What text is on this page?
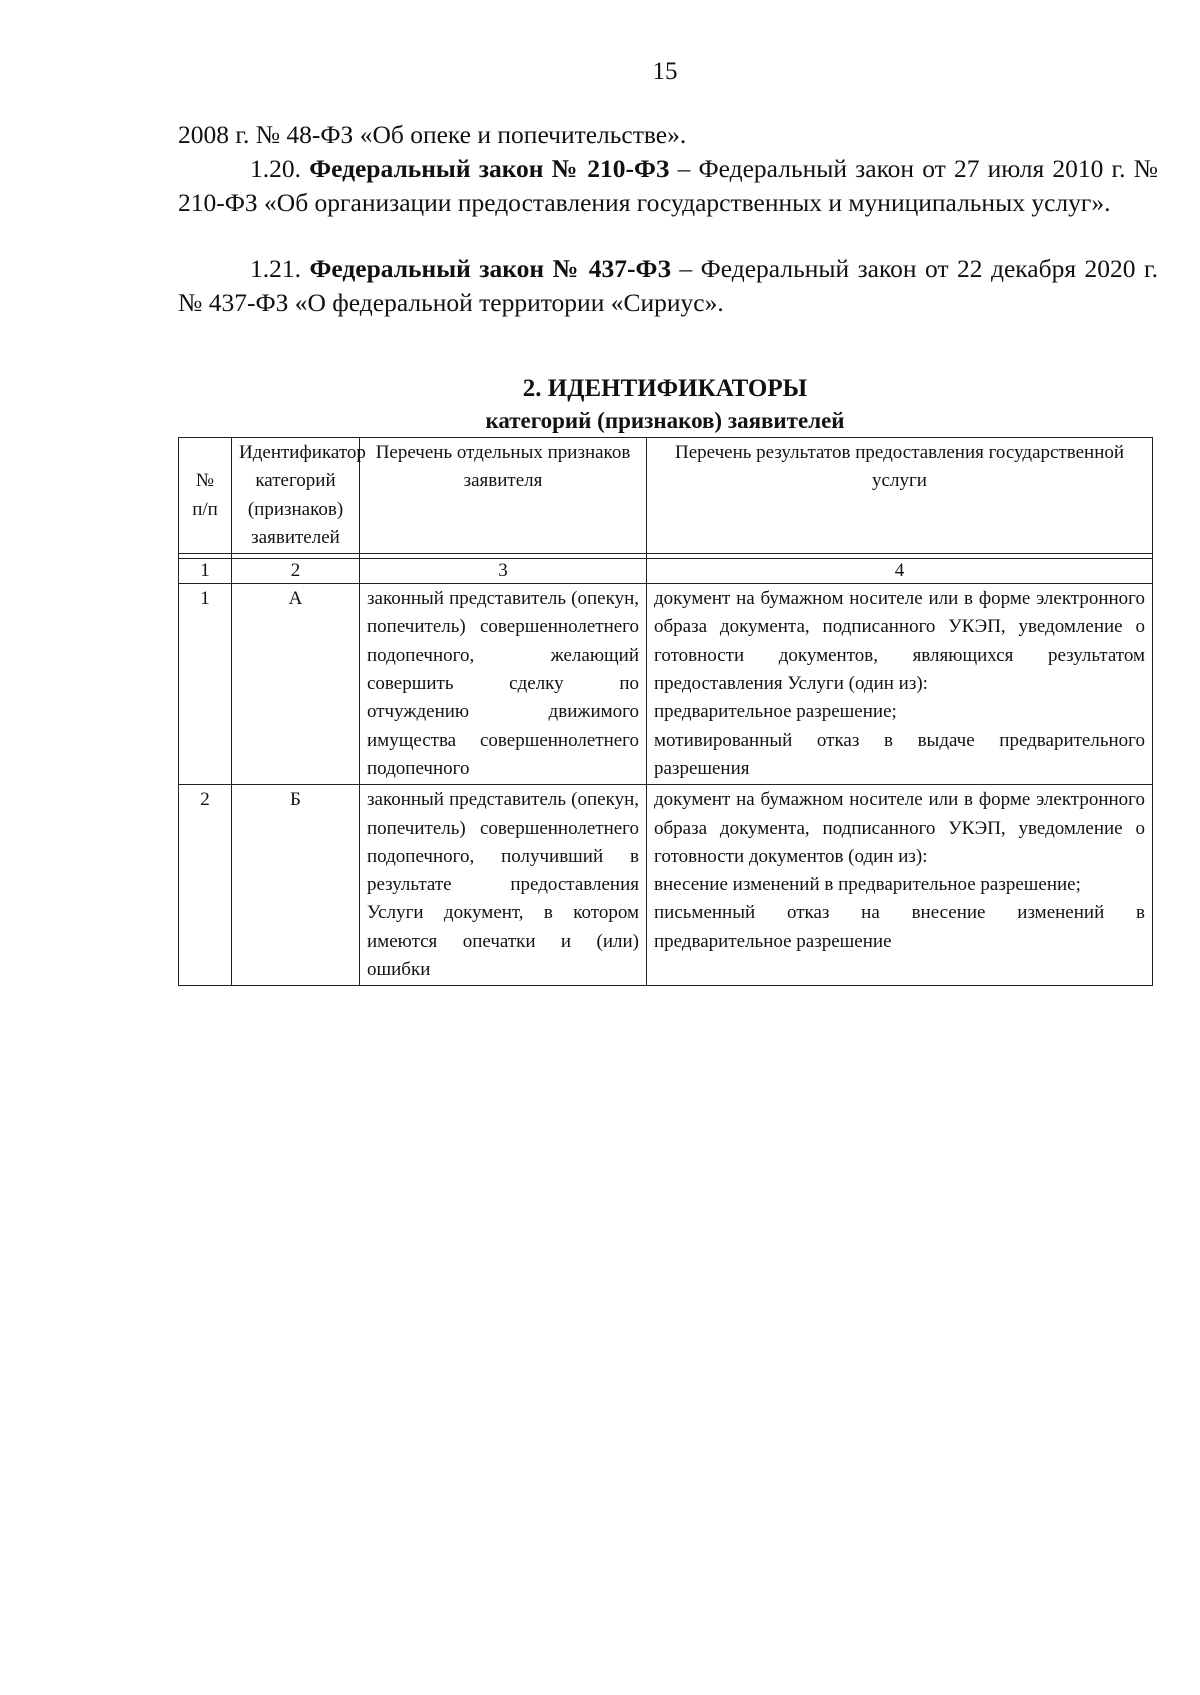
15

2008 г. № 48-ФЗ «Об опеке и попечительстве».

1.20. Федеральный закон № 210-ФЗ – Федеральный закон от 27 июля 2010 г. № 210-ФЗ «Об организации предоставления государственных и муниципальных услуг».

1.21. Федеральный закон № 437-ФЗ – Федеральный закон от 22 декабря 2020 г. № 437-ФЗ «О федеральной территории «Сириус».

2. ИДЕНТИФИКАТОРЫ
категорий (признаков) заявителей
№ п/п	Идентификатор категорий (признаков) заявителей	Перечень отдельных признаков заявителя	Перечень результатов предоставления государственной услуги

1	2	3	4
1	А	законный представитель (опекун, попечитель) совершеннолетнего подопечного, желающий совершить сделку по отчуждению движимого имущества совершеннолетнего подопечного	документ на бумажном носителе или в форме электронного образа документа, подписанного УКЭП, уведомление о готовности документов, являющихся результатом предоставления Услуги (один из):
предварительное разрешение;
мотивированный отказ в выдаче предварительного разрешения

2	Б	законный представитель (опекун, попечитель) совершеннолетнего подопечного, получивший в результате предоставления Услуги документ, в котором имеются опечатки и (или) ошибки	документ на бумажном носителе или в форме электронного образа документа, подписанного УКЭП, уведомление о готовности документов (один из):
внесение изменений в предварительное разрешение;
письменный отказ на внесение изменений в предварительное разрешение
